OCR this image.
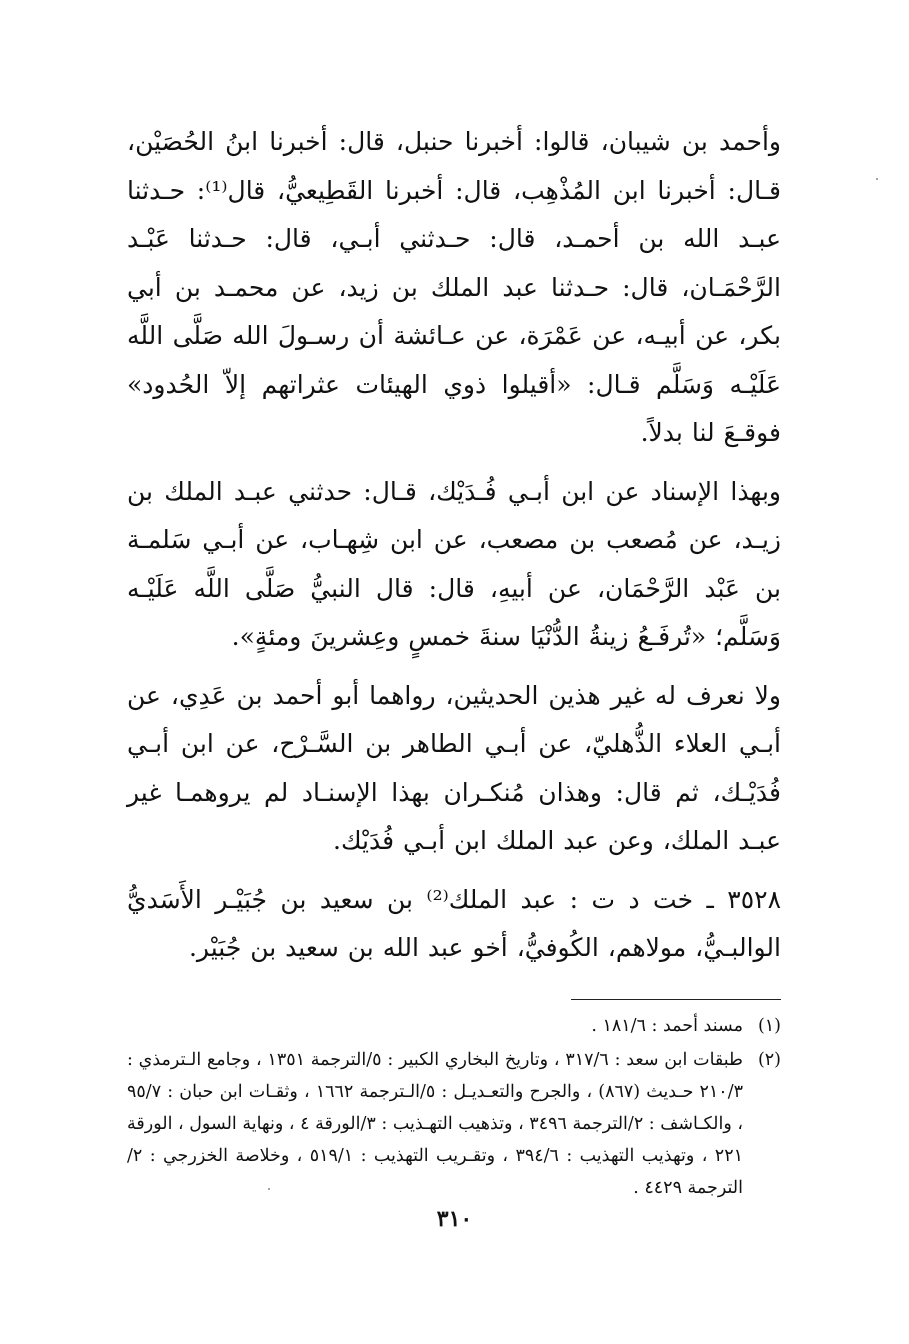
وأحمد بن شيبان، قالوا: أخبرنا حنبل، قال: أخبرنا ابنُ الحُصَيْن، قـال: أخبرنا ابن المُذْهِب، قال: أخبرنا القَطِيعيُّ، قال⁽¹⁾: حـدثنا عبـد الله بن أحمـد، قال: حـدثني أبـي، قال: حـدثنا عَبْـد الرَّحْمَـان، قال: حـدثنا عبد الملك بن زيد، عن محمـد بن أبي بكر، عن أبيـه، عن عَمْرَة، عن عـائشة أن رسـولَ الله صَلَّى اللَّه عَلَيْـه وَسَلَّم قـال: «أقيلوا ذوي الهيئات عثراتهم إلاّ الحُدود» فوقـعَ لنا بدلاً.

وبهذا الإسناد عن ابن أبـي فُـدَيْك، قـال: حدثني عبـد الملك بن زيـد، عن مُصعب بن مصعب، عن ابن شِهـاب، عن أبـي سَلمـة بن عَبْد الرَّحْمَان، عن أبيهِ، قال: قال النبيُّ صَلَّى اللَّه عَلَيْـه وَسَلَّم؛ «تُرفَـعُ زينةُ الدُّنْيَا سنةَ خمسٍ وعِشرينَ ومئةٍ».

ولا نعرف له غير هذين الحديثين، رواهما أبو أحمد بن عَدِي، عن أبـي العلاء الذُّهليّ، عن أبـي الطاهر بن السَّـرْح، عن ابن أبـي فُدَيْـك، ثم قال: وهذان مُنكـران بهذا الإسنـاد لم يروهمـا غير عبـد الملك، وعن عبد الملك ابن أبـي فُدَيْك.

٣٥٢٨ ـ خت د ت : عبد الملك⁽²⁾ بن سعيد بن جُبَيْـر الأَسَديُّ الوالبـيُّ، مولاهم، الكُوفيُّ، أخو عبد الله بن سعيد بن جُبَيْر.

(١)
مسند أحمد : ١٨١/٦ .
(٢)
طبقات ابن سعد : ٣١٧/٦ ، وتاريخ البخاري الكبير : ٥/الترجمة ١٣٥١ ، وجامع الـترمذي : ٢١٠/٣ حـديث (٨٦٧) ، والجرح والتعـديـل : ٥/الـترجمة ١٦٦٢ ، وثقـات ابن حبان : ٩٥/٧ ، والكـاشف : ٢/الترجمة ٣٤٩٦ ، وتذهيب التهـذيب : ٣/الورقة ٤ ، ونهاية السول ، الورقة ٢٢١ ، وتهذيب التهذيب : ٣٩٤/٦ ، وتقـريب التهذيب : ٥١٩/١ ، وخلاصة الخزرجي : ٢/الترجمة ٤٤٢٩ .
٣١٠
